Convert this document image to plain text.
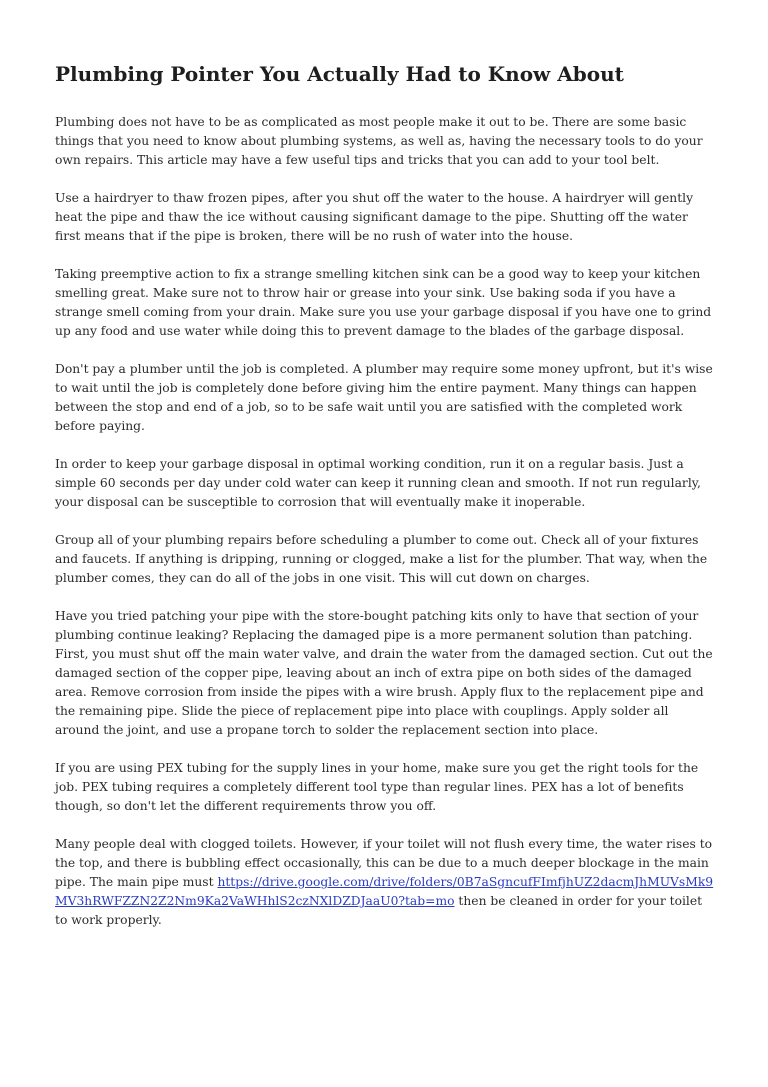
Plumbing Pointer You Actually Had to Know About

Plumbing does not have to be as complicated as most people make it out to be. There are some basic things that you need to know about plumbing systems, as well as, having the necessary tools to do your own repairs. This article may have a few useful tips and tricks that you can add to your tool belt.

Use a hairdryer to thaw frozen pipes, after you shut off the water to the house. A hairdryer will gently heat the pipe and thaw the ice without causing significant damage to the pipe. Shutting off the water first means that if the pipe is broken, there will be no rush of water into the house.

Taking preemptive action to fix a strange smelling kitchen sink can be a good way to keep your kitchen smelling great. Make sure not to throw hair or grease into your sink. Use baking soda if you have a strange smell coming from your drain. Make sure you use your garbage disposal if you have one to grind up any food and use water while doing this to prevent damage to the blades of the garbage disposal.

Don't pay a plumber until the job is completed. A plumber may require some money upfront, but it's wise to wait until the job is completely done before giving him the entire payment. Many things can happen between the stop and end of a job, so to be safe wait until you are satisfied with the completed work before paying.

In order to keep your garbage disposal in optimal working condition, run it on a regular basis. Just a simple 60 seconds per day under cold water can keep it running clean and smooth. If not run regularly, your disposal can be susceptible to corrosion that will eventually make it inoperable.

Group all of your plumbing repairs before scheduling a plumber to come out. Check all of your fixtures and faucets. If anything is dripping, running or clogged, make a list for the plumber. That way, when the plumber comes, they can do all of the jobs in one visit. This will cut down on charges.

Have you tried patching your pipe with the store-bought patching kits only to have that section of your plumbing continue leaking? Replacing the damaged pipe is a more permanent solution than patching. First, you must shut off the main water valve, and drain the water from the damaged section. Cut out the damaged section of the copper pipe, leaving about an inch of extra pipe on both sides of the damaged area. Remove corrosion from inside the pipes with a wire brush. Apply flux to the replacement pipe and the remaining pipe. Slide the piece of replacement pipe into place with couplings. Apply solder all around the joint, and use a propane torch to solder the replacement section into place.

If you are using PEX tubing for the supply lines in your home, make sure you get the right tools for the job. PEX tubing requires a completely different tool type than regular lines. PEX has a lot of benefits though, so don't let the different requirements throw you off.

Many people deal with clogged toilets. However, if your toilet will not flush every time, the water rises to the top, and there is bubbling effect occasionally, this can be due to a much deeper blockage in the main pipe. The main pipe must https://drive.google.com/drive/folders/0B7aSgncufFImfjhUZ2dacmJhMUVsMk9MV3hRWFZZN2Z2Nm9Ka2VaWHhlS2czNXlDZDJaaU0?tab=mo then be cleaned in order for your toilet to work properly.
